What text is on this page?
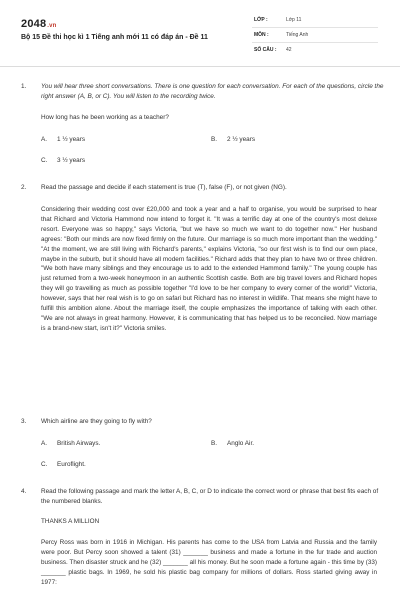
2048.vn
Bộ 15 Đề thi học kì 1 Tiếng anh mới 11 có đáp án - Đề 11
LỚP :	Lớp 11
MÔN :	Tiếng Anh
SỐ CÂU : 42
1. You will hear three short conversations. There is one question for each conversation. For each of the questions, circle the right answer (A, B, or C). You will listen to the recording twice.
How long has he been working as a teacher?
A. 1 ½ years	B. 2 ½ years
C. 3 ½ years
2. Read the passage and decide if each statement is true (T), false (F), or not given (NG).
Considering their wedding cost over £20,000 and took a year and a half to organise, you would be surprised to hear that Richard and Victoria Hammond now intend to forget it. "It was a terrific day at one of the country's most deluxe resort. Everyone was so happy," says Victoria, "but we have so much we want to do together now." Her husband agrees: "Both our minds are now fixed firmly on the future. Our marriage is so much more important than the wedding." "At the moment, we are still living with Richard's parents," explains Victoria, "so our first wish is to find our own place, maybe in the suburb, but it should have all modern facilities." Richard adds that they plan to have two or three children. "We both have many siblings and they encourage us to add to the extended Hammond family." The young couple has just returned from a two-week honeymoon in an authentic Scottish castle. Both are big travel lovers and Richard hopes they will go travelling as much as possible together "I'd love to be her company to every corner of the world!" Victoria, however, says that her real wish is to go on safari but Richard has no interest in wildlife. That means she might have to fulfill this ambition alone. About the marriage itself, the couple emphasizes the importance of talking with each other. "We are not always in great harmony. However, it is communicating that has helped us to be reconciled. Now marriage is a brand-new start, isn't it?" Victoria smiles.
3. Which airline are they going to fly with?
A. British Airways.	B. Anglo Air.
C. Euroflight.
4. Read the following passage and mark the letter A, B, C, or D to indicate the correct word or phrase that best fits each of the numbered blanks.
THANKS A MILLION
Percy Ross was born in 1916 in Michigan. His parents has come to the USA from Latvia and Russia and the family were poor. But Percy soon showed a talent (31) _______ business and made a fortune in the fur trade and auction business. Then disaster struck and he (32) _______ all his money. But he soon made a fortune again - this time by (33) _______ plastic bags. In 1969, he sold his plastic bag company for millions of dollars. Ross started giving away in 1977:
